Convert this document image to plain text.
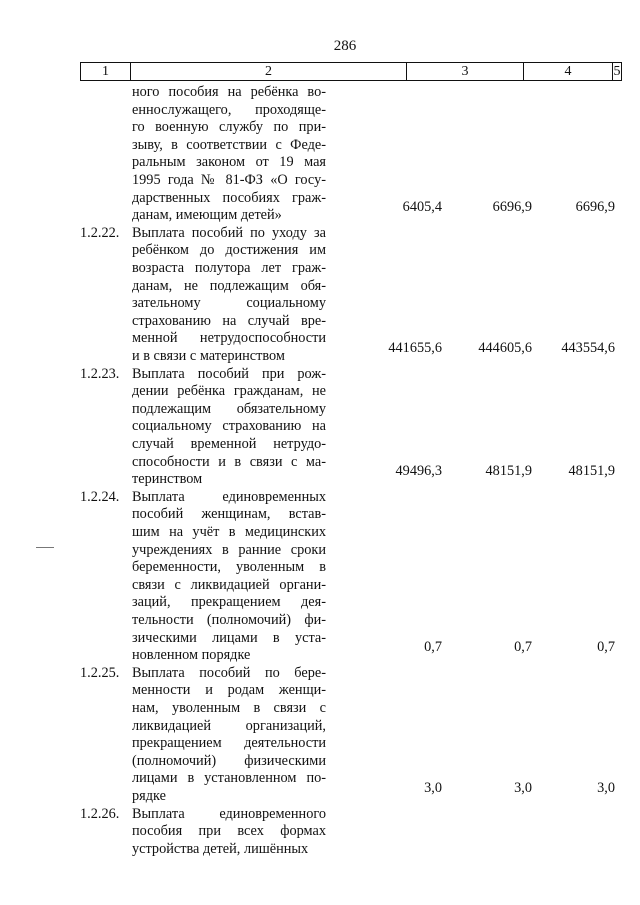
286
1	2	3	4	5
ного пособия на ребёнка во-
еннослужащего, проходяще-
го военную службу по при-
зыву, в соответствии с Феде-
ральным законом от 19 мая
1995 года № 81-ФЗ «О госу-
дарственных пособиях граж-
данам, имеющим детей»	6405,4	6696,9	6696,9
1.2.22. Выплата пособий по уходу за
ребёнком до достижения им
возраста полутора лет граж-
данам, не подлежащим обя-
зательному социальному
страхованию на случай вре-
менной нетрудоспособности
и в связи с материнством	441655,6	444605,6	443554,6
1.2.23. Выплата пособий при рож-
дении ребёнка гражданам, не
подлежащим обязательному
социальному страхованию на
случай временной нетрудо-
способности и в связи с ма-
теринством	49496,3	48151,9	48151,9
1.2.24. Выплата единовременных
пособий женщинам, встав-
шим на учёт в медицинских
учреждениях в ранние сроки
беременности, уволенным в
связи с ликвидацией органи-
заций, прекращением дея-
тельности (полномочий) фи-
зическими лицами в уста-
новленном порядке	0,7	0,7	0,7
1.2.25. Выплата пособий по бере-
менности и родам женщи-
нам, уволенным в связи с
ликвидацией организаций,
прекращением деятельности
(полномочий) физическими
лицами в установленном по-
рядке	3,0	3,0	3,0
1.2.26. Выплата единовременного
пособия при всех формах
устройства детей, лишённых
